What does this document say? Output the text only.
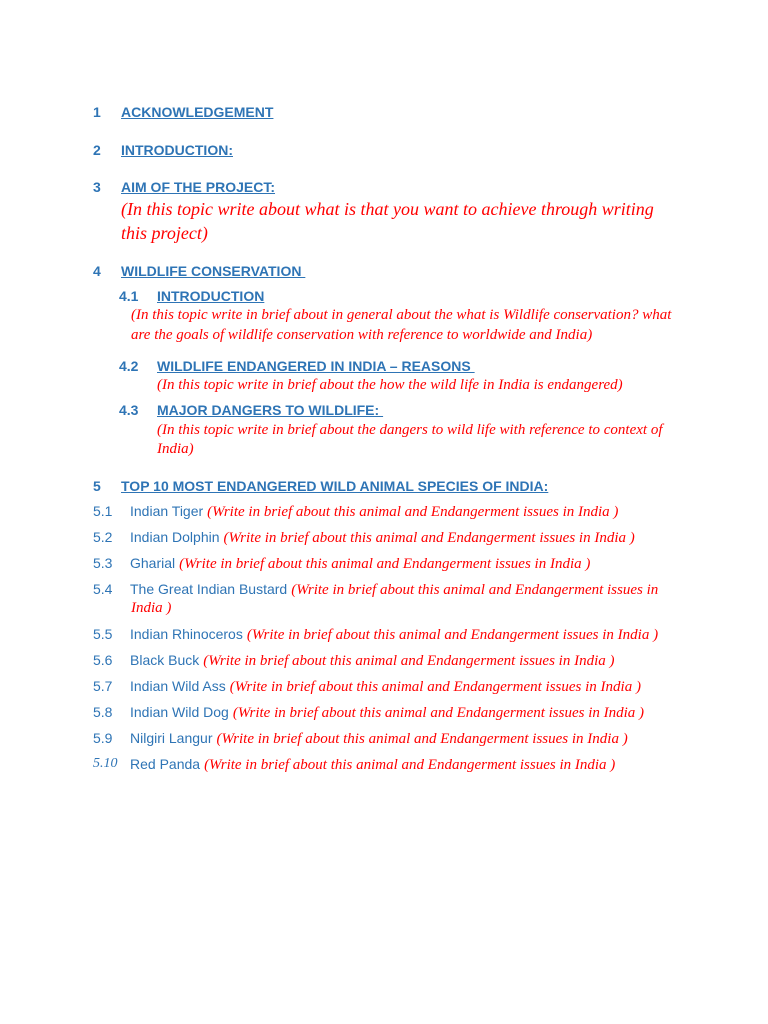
1 ACKNOWLEDGEMENT
2 INTRODUCTION:
3 AIM OF THE PROJECT:
(In this topic write about what is that you want to achieve through writing
this project)
4 WILDLIFE CONSERVATION
4.1 INTRODUCTION
(In this topic write in brief about in general about the what is Wildlife conservation? what
are the goals of wildlife conservation with reference to worldwide and India)
4.2 WILDLIFE ENDANGERED IN INDIA – REASONS
(In this topic write in brief about the how the wild life in India is endangered)
4.3 MAJOR DANGERS TO WILDLIFE:
(In this topic write in brief about the dangers to wild life with reference to context of
India)
5 TOP 10 MOST ENDANGERED WILD ANIMAL SPECIES OF INDIA:
5.1 Indian Tiger (Write in brief about this animal and Endangerment issues in India )
5.2 Indian Dolphin (Write in brief about this animal and Endangerment issues in India )
5.3 Gharial (Write in brief about this animal and Endangerment issues in India )
5.4 The Great Indian Bustard (Write in brief about this animal and Endangerment issues in
India )
5.5 Indian Rhinoceros (Write in brief about this animal and Endangerment issues in India )
5.6 Black Buck (Write in brief about this animal and Endangerment issues in India )
5.7 Indian Wild Ass (Write in brief about this animal and Endangerment issues in India )
5.8 Indian Wild Dog (Write in brief about this animal and Endangerment issues in India )
5.9 Nilgiri Langur (Write in brief about this animal and Endangerment issues in India )
5.10 Red Panda (Write in brief about this animal and Endangerment issues in India )
